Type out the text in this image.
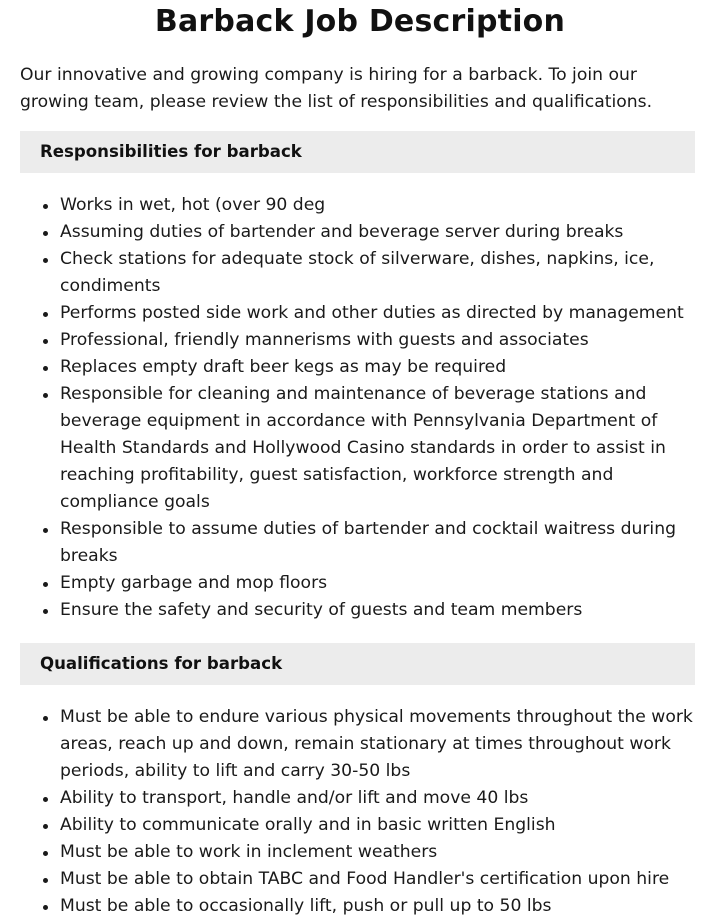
Barback Job Description

Our innovative and growing company is hiring for a barback. To join our growing team, please review the list of responsibilities and qualifications.

Responsibilities for barback
Works in wet, hot (over 90 deg
Assuming duties of bartender and beverage server during breaks
Check stations for adequate stock of silverware, dishes, napkins, ice, condiments
Performs posted side work and other duties as directed by management
Professional, friendly mannerisms with guests and associates
Replaces empty draft beer kegs as may be required
Responsible for cleaning and maintenance of beverage stations and beverage equipment in accordance with Pennsylvania Department of Health Standards and Hollywood Casino standards in order to assist in reaching profitability, guest satisfaction, workforce strength and compliance goals
Responsible to assume duties of bartender and cocktail waitress during breaks
Empty garbage and mop floors
Ensure the safety and security of guests and team members
Qualifications for barback
Must be able to endure various physical movements throughout the work areas, reach up and down, remain stationary at times throughout work periods, ability to lift and carry 30-50 lbs
Ability to transport, handle and/or lift and move 40 lbs
Ability to communicate orally and in basic written English
Must be able to work in inclement weathers
Must be able to obtain TABC and Food Handler's certification upon hire
Must be able to occasionally lift, push or pull up to 50 lbs
